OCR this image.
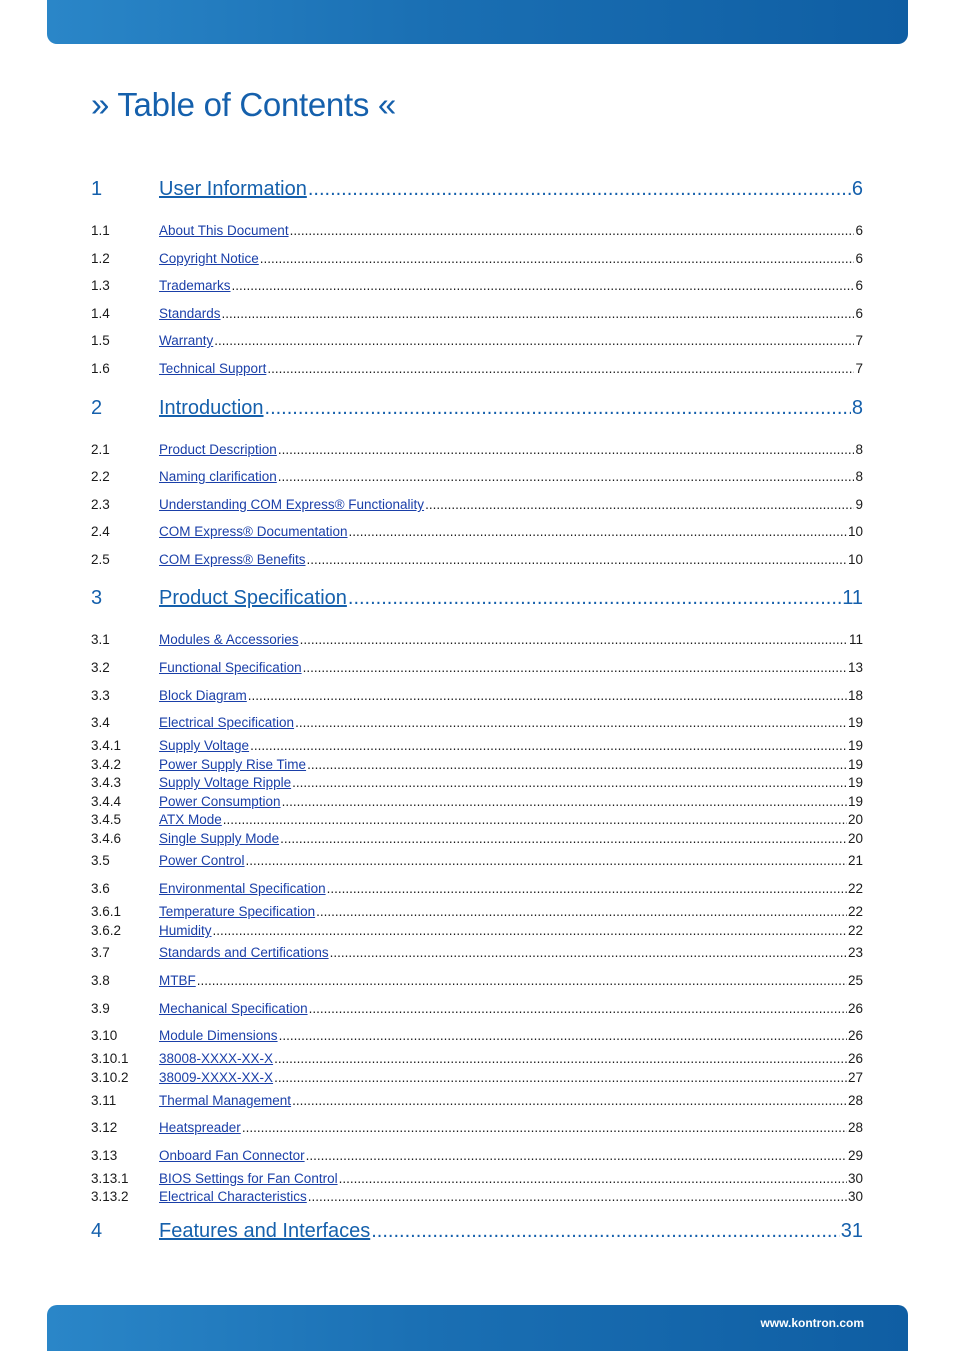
» Table of Contents «
1	User Information .....	6
1.1	About This Document .....	6
1.2	Copyright Notice .....	6
1.3	Trademarks .....	6
1.4	Standards .....	6
1.5	Warranty .....	7
1.6	Technical Support .....	7
2	Introduction .....	8
2.1	Product Description .....	8
2.2	Naming clarification .....	8
2.3	Understanding COM Express® Functionality .....	9
2.4	COM Express® Documentation .....	10
2.5	COM Express® Benefits .....	10
3	Product Specification .....	11
3.1	Modules & Accessories .....	11
3.2	Functional Specification .....	13
3.3	Block Diagram .....	18
3.4	Electrical Specification .....	19
3.4.1	Supply Voltage .....	19
3.4.2	Power Supply Rise Time .....	19
3.4.3	Supply Voltage Ripple .....	19
3.4.4	Power Consumption .....	19
3.4.5	ATX Mode .....	20
3.4.6	Single Supply Mode .....	20
3.5	Power Control .....	21
3.6	Environmental Specification .....	22
3.6.1	Temperature Specification .....	22
3.6.2	Humidity .....	22
3.7	Standards and Certifications .....	23
3.8	MTBF .....	25
3.9	Mechanical Specification .....	26
3.10	Module Dimensions .....	26
3.10.1	38008-XXXX-XX-X .....	26
3.10.2	38009-XXXX-XX-X .....	27
3.11	Thermal Management .....	28
3.12	Heatspreader .....	28
3.13	Onboard Fan Connector .....	29
3.13.1	BIOS Settings for Fan Control .....	30
3.13.2	Electrical Characteristics .....	30
4	Features and Interfaces .....	31
www.kontron.com
